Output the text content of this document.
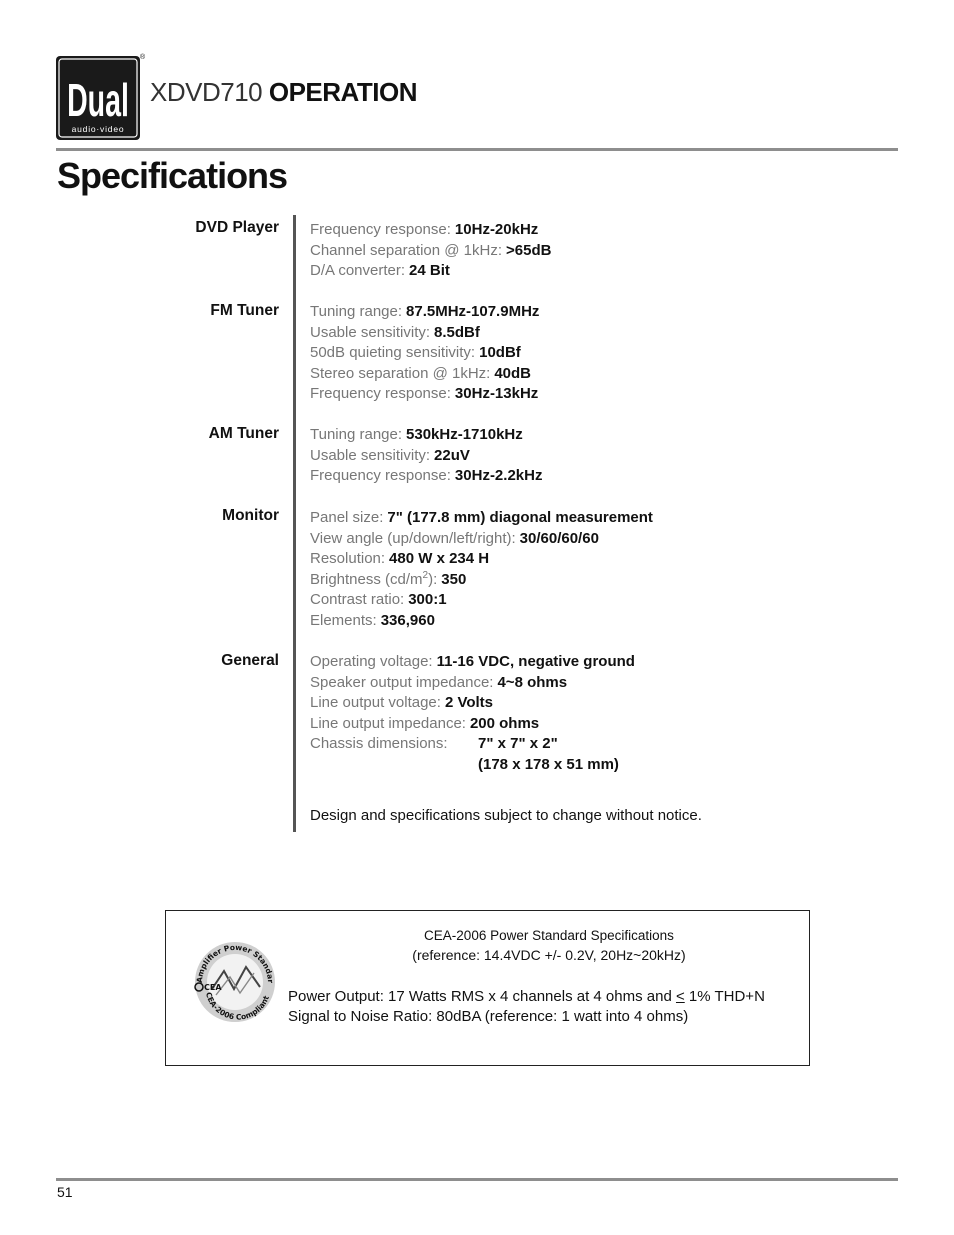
Dual
audio·video
®
XDVD710 OPERATION
Specifications
DVD Player Frequency response: 10Hz-20kHz
Channel separation @ 1kHz: >65dB
D/A converter: 24 Bit
FM Tuner Tuning range: 87.5MHz-107.9MHz
Usable sensitivity: 8.5dBf
50dB quieting sensitivity: 10dBf
Stereo separation @ 1kHz: 40dB
Frequency response: 30Hz-13kHz
AM Tuner Tuning range: 530kHz-1710kHz
Usable sensitivity: 22uV
Frequency response: 30Hz-2.2kHz
Monitor Panel size: 7" (177.8 mm) diagonal measurement
View angle (up/down/left/right): 30/60/60/60
Resolution: 480 W x 234 H
Brightness $(cd/m^2)$: 350
Contrast ratio: 300:1
Elements: 336,960
General Operating voltage: 11-16 VDC, negative ground
Speaker output impedance: 4~8 ohms
Line output voltage: 2 Volts
Line output impedance: 200 ohms
Chassis dimensions: 7" x 7" x 2"
(178 x 178 x 51 mm)
Design and specifications subject to change without notice.
Amplifier Power Standar
CEA-2006 Compliant
CEA
CEA-2006 Power Standard Specifications
(reference: 14.4VDC +/- 0.2V, 20Hz~20kHz)
Power Output: 17 Watts RMS x 4 channels at 4 ohms and ≤ 1% THD+N
Signal to Noise Ratio: 80dBA (reference: 1 watt into 4 ohms)
51
